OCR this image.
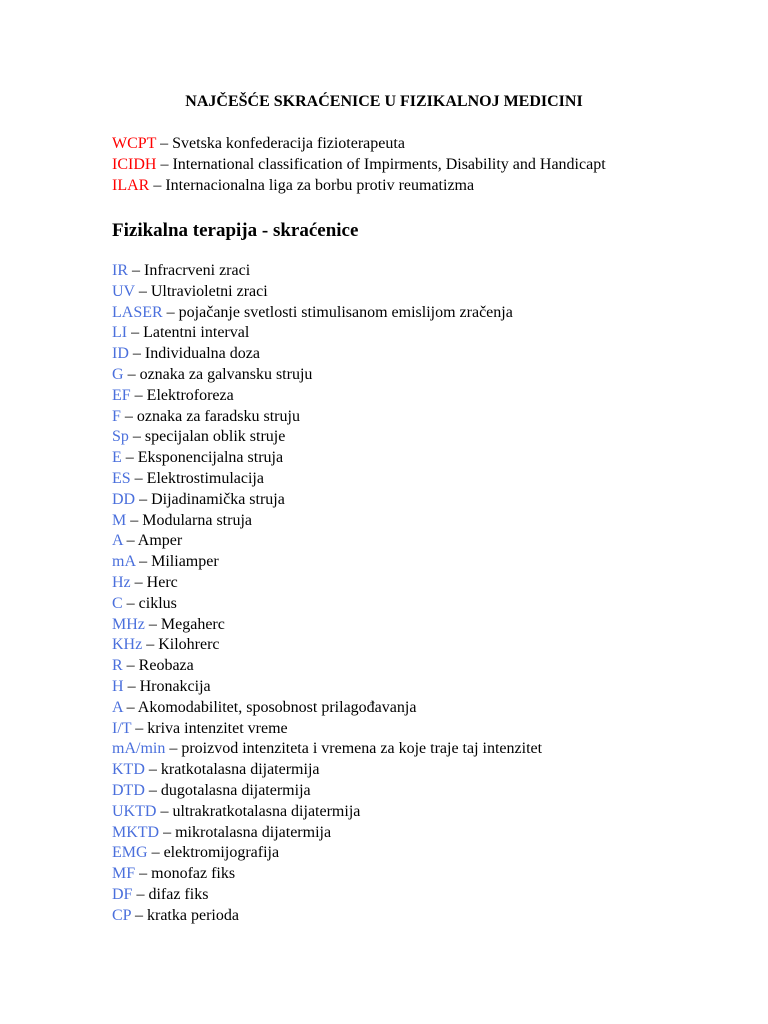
NAJČEŠĆE SKRAĆENICE U FIZIKALNOJ MEDICINI
WCPT – Svetska konfederacija fizioterapeuta
ICIDH – International classification of Impirments, Disability and Handicapt
ILAR – Internacionalna liga za borbu protiv reumatizma
Fizikalna terapija - skraćenice
IR – Infracrveni zraci
UV – Ultravioletni zraci
LASER – pojačanje svetlosti stimulisanom emislijom zračenja
LI – Latentni interval
ID – Individualna doza
G – oznaka za galvansku struju
EF – Elektroforeza
F – oznaka za faradsku struju
Sp – specijalan oblik struje
E – Eksponencijalna struja
ES – Elektrostimulacija
DD – Dijadinamička struja
M – Modularna struja
A – Amper
mA – Miliamper
Hz – Herc
C – ciklus
MHz – Megaherc
KHz – Kilohrerc
R – Reobaza
H – Hronakcija
A – Akomodabilitet, sposobnost prilagođavanja
I/T – kriva intenzitet vreme
mA/min – proizvod intenziteta i vremena za koje traje taj intenzitet
KTD – kratkotalasna dijatermija
DTD – dugotalasna dijatermija
UKTD – ultrakratkotalasna dijatermija
MKTD – mikrotalasna dijatermija
EMG – elektromijografija
MF – monofaz fiks
DF – difaz fiks
CP – kratka perioda
